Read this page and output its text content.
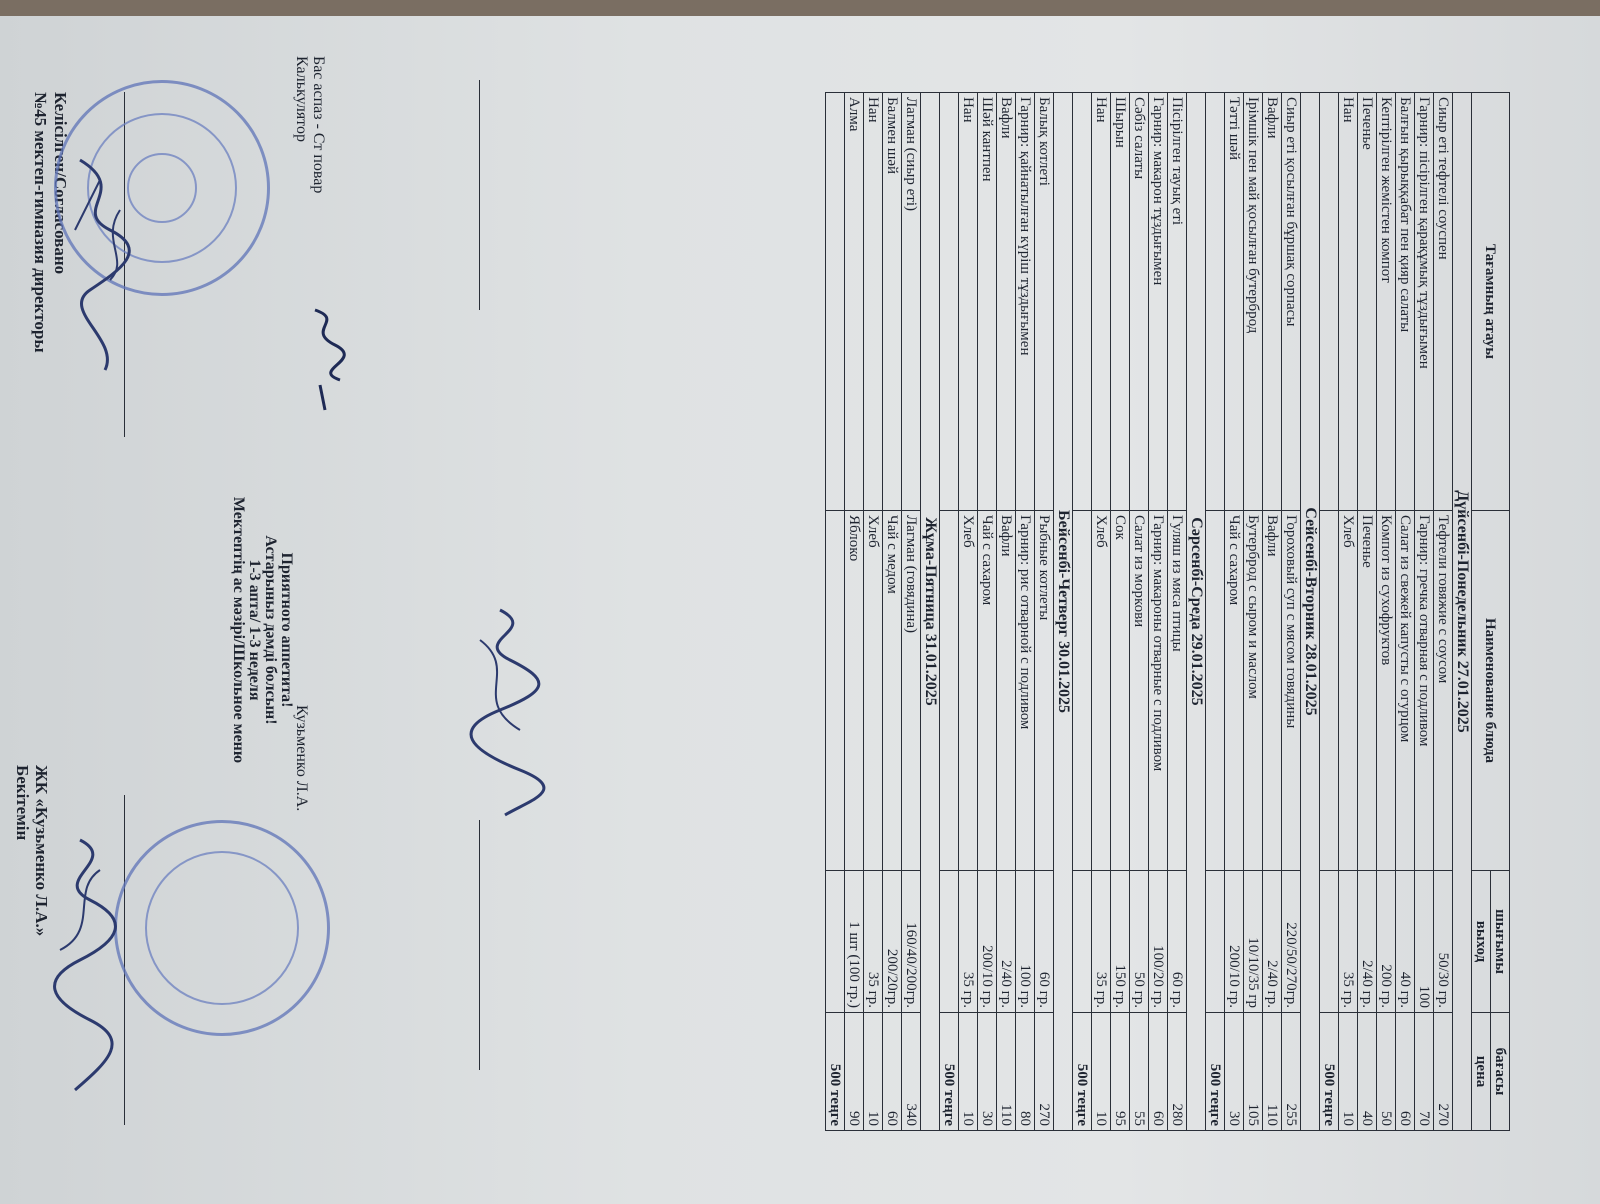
Келісілген/Согласовано
№45 мектеп-гимназия директоры
Бекітемін ЖК «Кузьменко Л.А.»
Мектептің ас мәзірі/Школьное меню 1-3 апта/ 1-3 неделя Астарыныз дәмді болсын! Приятного аппетита!
Тағамның атауы	Наименование блюда	шығымы	бағасы
		выход	цена
Дүйсенбі-Понедельник 27.01.2025			
Сиыр еті тефтелі соуспен	Тефтели говяжие с соусом	50/30 гр.	270
Гарнир: пісірілген қарақұмық тұздығымен	Гарнир: гречка отварная с подливом	100	70
Балғын қырыққабат пен қияр салаты	Салат из свежей капусты с огурцом	40 гр.	60
Кептірілген жемістен компот	Компот из сухофруктов	200 гр.	50
Печенье	Печенье	2/40 гр.	40
Нан	Хлеб	35 гр.	10
			500 теңге
Сейсенбі-Вторник 28.01.2025			
Сиыр еті қосылған бұршақ сорпасы	Гороховый суп с мясом говядины	220/50/270гр.	255
Вафли	Вафли	2/40 гр.	110
Ірімшік пен май қосылған бутерброд	Бутерброд с сыром и маслом	10/10/35 гр	105
Тәтті шәй	Чай с сахаром	200/10 гр.	30
			500 теңге
Сәрсенбі-Среда 29.01.2025			
Пісірілген тауық еті	Гуляш из мяса птицы	60 гр.	280
Гарнир: макарон тұздығымен	Гарнир: макароны отварные с подливом	100/20 гр.	60
Сәбіз салаты	Салат из моркови	50 гр.	55
Шырын	Сок	150 гр.	95
Нан	Хлеб	35 гр.	10
			500 теңге
Бейсенбі-Четверг 30.01.2025			
Балық котлеті	Рыбные котлеты	60 гр.	270
Гарнир: қайнатылған күріш тұздығымен	Гарнир: рис отварной с подливом	100 гр.	80
Вафли	Вафли	2/40 гр.	110
Шәй кантпен	Чай с сахаром	200/10 гр.	30
Нан	Хлеб	35 гр.	10
			500 теңге
Жұма-Пятница 31.01.2025			
Лагман (сиыр еті)	Лагман (говядина)	160/40/200гр.	340
Балмен шәй	Чай с медом	200/20гр.	60
Нан	Хлеб	35 гр.	10
Алма	Яблоко	1 шт (100 гр.)	90
			500 теңге
Калькулятор Бас аспаз - Ст повар
Кузьменко Л.А.
